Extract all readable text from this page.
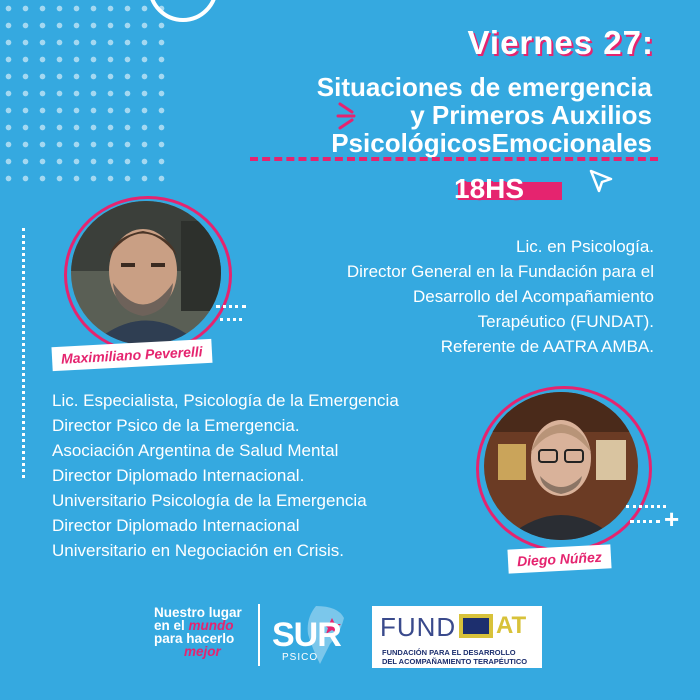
Viernes 27:
Situaciones de emergencia
y Primeros Auxilios
PsicológicosEmocionales
18HS
Maximiliano Peverelli
Lic. en Psicología.
Director General en la Fundación para el
Desarrollo del Acompañamiento
Terapéutico (FUNDAT).
Referente de AATRA AMBA.
Lic. Especialista, Psicología de la Emergencia
Director Psico de la Emergencia.
Asociación Argentina de Salud Mental
Director Diplomado Internacional.
Universitario Psicología de la Emergencia
Director Diplomado Internacional
Universitario en Negociación en Crisis.	Diego Núñez
+
Nuestro lugar
en el mundo
para hacerlo
mejor	SUR
PSICO
FUND AT
FUNDACIÓN PARA EL DESARROLLO
DEL ACOMPAÑAMIENTO TERAPÉUTICO
